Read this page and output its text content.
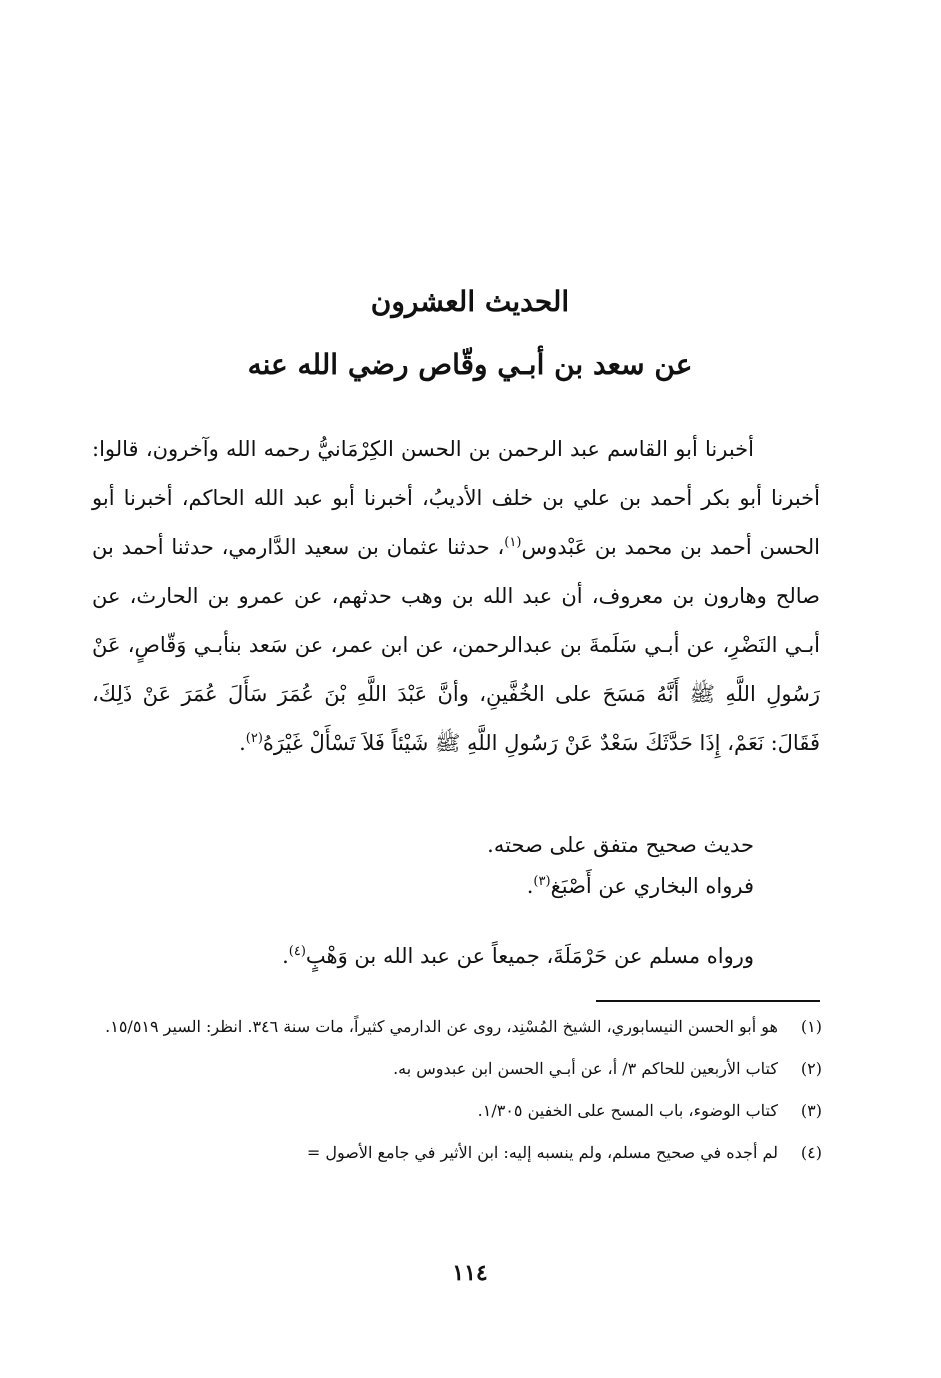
الحديث العشرون
عن سعد بن أبـي وقّاص رضي الله عنه

أخبرنا أبو القاسم عبد الرحمن بن الحسن الكِرْمَانيُّ رحمه الله وآخرون، قالوا: أخبرنا أبو بكر أحمد بن علي بن خلف الأديبُ، أخبرنا أبو عبد الله الحاكم، أخبرنا أبو الحسن أحمد بن محمد بن عَبْدوس$^{(١)}$، حدثنا عثمان بن سعيد الدَّارمي، حدثنا أحمد بن صالح وهارون بن معروف، أن عبد الله بن وهب حدثهم، عن عمرو بن الحارث، عن أبـي النَضْرِ، عن أبـي سَلَمةَ بن عبدالرحمن، عن ابن عمر، عن سَعد بنأبـي وَقّاصٍ، عَنْ رَسُولِ اللَّهِ ﷺ أَنَّهُ مَسَحَ على الخُفَّينِ، وأنَّ عَبْدَ اللَّهِ بْنَ عُمَرَ سَأَلَ عُمَرَ عَنْ ذَلِكَ، فَقَالَ: نَعَمْ، إِذَا حَدَّثَكَ سَعْدٌ عَنْ رَسُولِ اللَّهِ ﷺ شَيْئاً فَلاَ تَسْأَلْ غَيْرَهُ$^{(٢)}$.

حديث صحيح متفق على صحته.

فرواه البخاري عن أَصْبَغ$^{(٣)}$.

ورواه مسلم عن حَرْمَلَةَ، جميعاً عن عبد الله بن وَهْبٍ$^{(٤)}$.

(١)
هو أبو الحسن النيسابوري، الشيخ المُسْنِد، روى عن الدارمي كثيراً، مات سنة ٣٤٦. انظر: السير ١٥/٥١٩.
(٢)
كتاب الأربعين للحاكم ٣/ أ، عن أبـي الحسن ابن عبدوس به.
(٣)
كتاب الوضوء، باب المسح على الخفين ١/٣٠٥.
(٤)
لم أجده في صحيح مسلم، ولم ينسبه إليه: ابن الأثير في جامع الأصول =
١١٤
